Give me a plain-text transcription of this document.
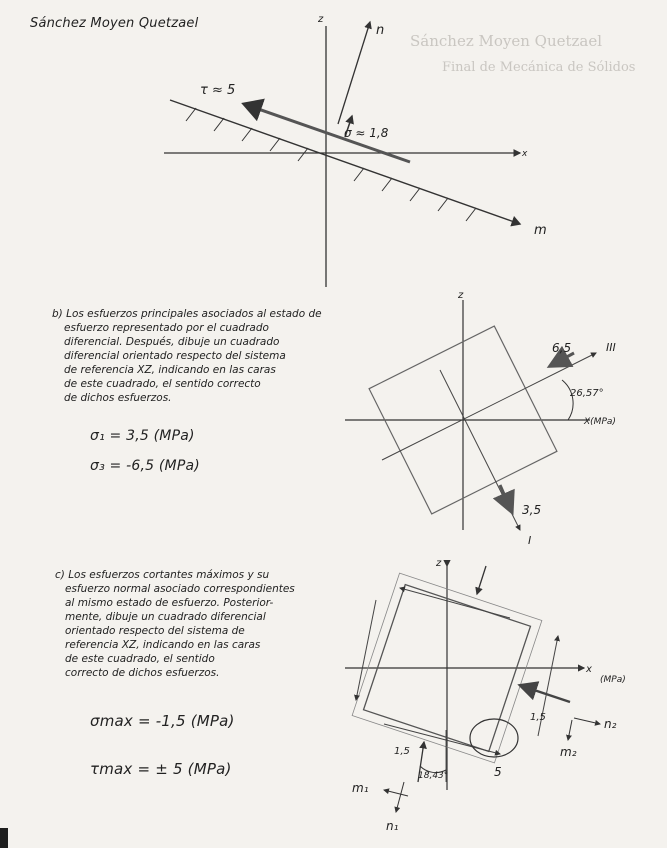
Sánchez Moyen Quetzael
Final de Mecánica de Sólidos
Sánchez Moyen Quetzael	z
x
τ ≈ 5
n
σ ≈ 1,8
m
b) Los esfuerzos principales asociados al estado de
esfuerzo representado por el cuadrado
diferencial. Después, dibuje un cuadrado
diferencial orientado respecto del sistema
de referencia XZ, indicando en las caras
de este cuadrado, el sentido correcto
de dichos esfuerzos.
σ₁ = 3,5 (MPa)
σ₃ = -6,5 (MPa)
z
X(MPa)
III
6,5
26,57°
I
3,5
c) Los esfuerzos cortantes máximos y su
esfuerzo normal asociado correspondientes
al mismo estado de esfuerzo. Posterior-
mente, dibuje un cuadrado diferencial
orientado respecto del sistema de
referencia XZ, indicando en las caras
de este cuadrado, el sentido
correcto de dichos esfuerzos.
σmax = -1,5 (MPa)
τmax = ± 5 (MPa)
z
x
(MPa)
5
1,5
1,5
18,43°
n₂
m₂
m₁
n₁
